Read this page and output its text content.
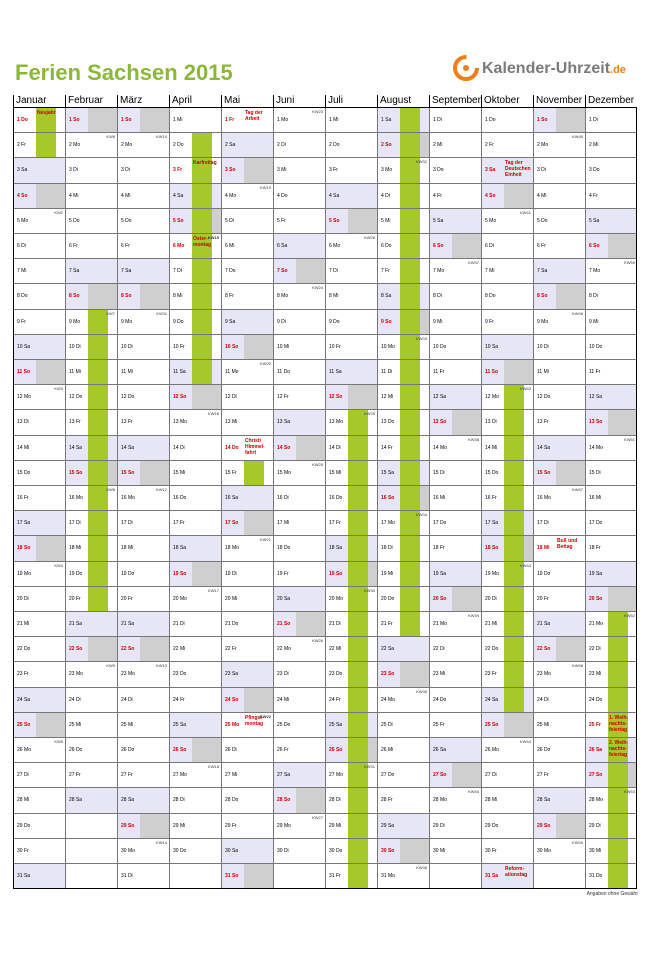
Ferien Sachsen 2015	Kalender-Uhrzeit.de
Januar
1 Do
Neujahr
2 Fr
3 Sa
4 So
5 Mo
KW2
6 Di
7 Mi
8 Do
9 Fr
10 Sa
11 So
12 Mo
KW3
13 Di
14 Mi
15 Do
16 Fr
17 Sa
18 So
19 Mo
KW4
20 Di
21 Mi
22 Do
23 Fr
24 Sa
25 So
26 Mo
KW5
27 Di
28 Mi
29 Do
30 Fr
31 Sa
Februar
1 So
2 Mo
KW6
3 Di
4 Mi
5 Do
6 Fr
7 Sa
8 So
9 Mo
KW7
10 Di
11 Mi
12 Do
13 Fr
14 Sa
15 So
16 Mo
KW8
17 Di
18 Mi
19 Do
20 Fr
21 Sa
22 So
23 Mo
KW9
24 Di
25 Mi
26 Do
27 Fr
28 Sa
März
1 So
2 Mo
KW10
3 Di
4 Mi
5 Do
6 Fr
7 Sa
8 So
9 Mo
KW11
10 Di
11 Mi
12 Do
13 Fr
14 Sa
15 So
16 Mo
KW12
17 Di
18 Mi
19 Do
20 Fr
21 Sa
22 So
23 Mo
KW13
24 Di
25 Mi
26 Do
27 Fr
28 Sa
29 So
30 Mo
KW14
31 Di
April
1 Mi
2 Do
3 Fr
Karfreitag
4 Sa
5 So
6 Mo
Oster-montag
KW15
7 Di
8 Mi
9 Do
10 Fr
11 Sa
12 So
13 Mo
KW16
14 Di
15 Mi
16 Do
17 Fr
18 Sa
19 So
20 Mo
KW17
21 Di
22 Mi
23 Do
24 Fr
25 Sa
26 So
27 Mo
KW18
28 Di
29 Mi
30 Do
Mai
1 Fr
Tag der Arbeit
2 Sa
3 So
4 Mo
KW19
5 Di
6 Mi
7 Do
8 Fr
9 Sa
10 So
11 Mo
KW20
12 Di
13 Mi
14 Do
Christi Himmel-fahrt
15 Fr
16 Sa
17 So
18 Mo
KW21
19 Di
20 Mi
21 Do
22 Fr
23 Sa
24 So
25 Mo
Pfingst-montag
KW22
26 Di
27 Mi
28 Do
29 Fr
30 Sa
31 So
Juni
1 Mo
KW23
2 Di
3 Mi
4 Do
5 Fr
6 Sa
7 So
8 Mo
KW24
9 Di
10 Mi
11 Do
12 Fr
13 Sa
14 So
15 Mo
KW25
16 Di
17 Mi
18 Do
19 Fr
20 Sa
21 So
22 Mo
KW26
23 Di
24 Mi
25 Do
26 Fr
27 Sa
28 So
29 Mo
KW27
30 Di
Juli
1 Mi
2 Do
3 Fr
4 Sa
5 So
6 Mo
KW28
7 Di
8 Mi
9 Do
10 Fr
11 Sa
12 So
13 Mo
KW29
14 Di
15 Mi
16 Do
17 Fr
18 Sa
19 So
20 Mo
KW30
21 Di
22 Mi
23 Do
24 Fr
25 Sa
26 So
27 Mo
KW31
28 Di
29 Mi
30 Do
31 Fr
August
1 Sa
2 So
3 Mo
KW32
4 Di
5 Mi
6 Do
7 Fr
8 Sa
9 So
10 Mo
KW33
11 Di
12 Mi
13 Do
14 Fr
15 Sa
16 So
17 Mo
KW34
18 Di
19 Mi
20 Do
21 Fr
22 Sa
23 So
24 Mo
KW35
25 Di
26 Mi
27 Do
28 Fr
29 Sa
30 So
31 Mo
KW36
September
1 Di
2 Mi
3 Do
4 Fr
5 Sa
6 So
7 Mo
KW37
8 Di
9 Mi
10 Do
11 Fr
12 Sa
13 So
14 Mo
KW38
15 Di
16 Mi
17 Do
18 Fr
19 Sa
20 So
21 Mo
KW39
22 Di
23 Mi
24 Do
25 Fr
26 Sa
27 So
28 Mo
KW40
29 Di
30 Mi
Oktober
1 Do
2 Fr
3 Sa
Tag der Deutschen Einheit
4 So
5 Mo
KW41
6 Di
7 Mi
8 Do
9 Fr
10 Sa
11 So
12 Mo
KW42
13 Di
14 Mi
15 Do
16 Fr
17 Sa
18 So
19 Mo
KW43
20 Di
21 Mi
22 Do
23 Fr
24 Sa
25 So
26 Mo
KW44
27 Di
28 Mi
29 Do
30 Fr
31 Sa
Reform-ationstag
November
1 So
2 Mo
KW45
3 Di
4 Mi
5 Do
6 Fr
7 Sa
8 So
9 Mo
KW46
10 Di
11 Mi
12 Do
13 Fr
14 Sa
15 So
16 Mo
KW47
17 Di
18 Mi
Buß und Bettag
19 Do
20 Fr
21 Sa
22 So
23 Mo
KW48
24 Di
25 Mi
26 Do
27 Fr
28 Sa
29 So
30 Mo
KW49
Dezember
1 Di
2 Mi
3 Do
4 Fr
5 Sa
6 So
7 Mo
KW50
8 Di
9 Mi
10 Do
11 Fr
12 Sa
13 So
14 Mo
KW51
15 Di
16 Mi
17 Do
18 Fr
19 Sa
20 So
21 Mo
KW52
22 Di
23 Mi
24 Do
25 Fr
1. Weih-nachts-feiertag
26 Sa
2. Weih-nachts-feiertag
27 So
28 Mo
KW53
29 Di
30 Mi
31 Do
Angaben ohne Gewähr
